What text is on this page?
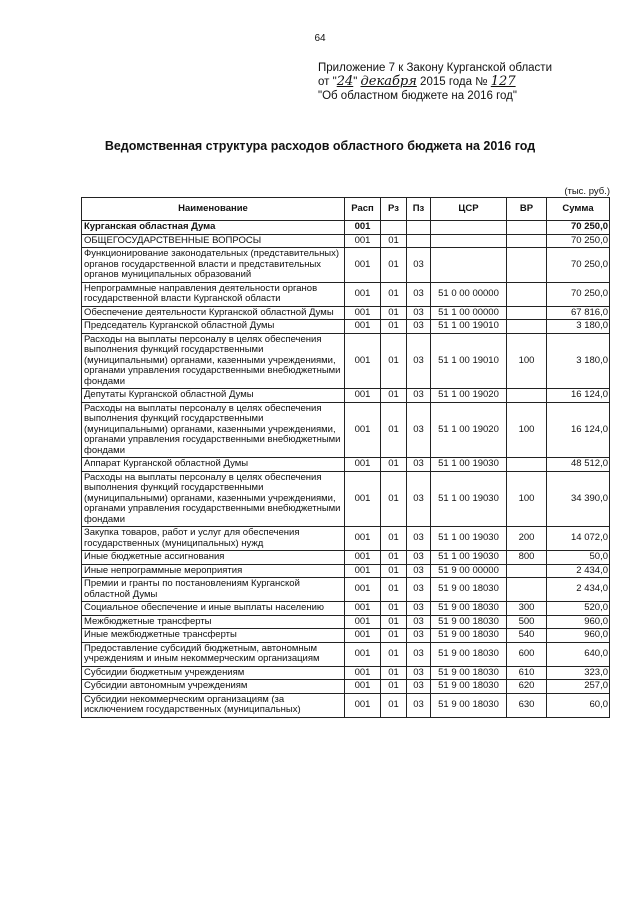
64
Приложение 7 к Закону Курганской области
от "24" декабря 2015 года № 127
"Об областном бюджете на 2016 год"
Ведомственная структура расходов областного бюджета на 2016 год
(тыс. руб.)
Наименование	Расп	Рз	Пз	ЦСР	ВР	Сумма
Курганская областная Дума	001					70 250,0
ОБЩЕГОСУДАРСТВЕННЫЕ ВОПРОСЫ	001	01				70 250,0
Функционирование законодательных (представительных) органов государственной власти и представительных органов муниципальных образований	001	01	03			70 250,0
Непрограммные направления деятельности органов государственной власти Курганской области	001	01	03	51 0 00 00000		70 250,0
Обеспечение деятельности Курганской областной Думы	001	01	03	51 1 00 00000		67 816,0
Председатель Курганской областной Думы	001	01	03	51 1 00 19010		3 180,0
Расходы на выплаты персоналу в целях обеспечения выполнения функций государственными (муниципальными) органами, казенными учреждениями, органами управления государственными внебюджетными фондами	001	01	03	51 1 00 19010	100	3 180,0
Депутаты Курганской областной Думы	001	01	03	51 1 00 19020		16 124,0
Расходы на выплаты персоналу в целях обеспечения выполнения функций государственными (муниципальными) органами, казенными учреждениями, органами управления государственными внебюджетными фондами	001	01	03	51 1 00 19020	100	16 124,0
Аппарат Курганской областной Думы	001	01	03	51 1 00 19030		48 512,0
Расходы на выплаты персоналу в целях обеспечения выполнения функций государственными (муниципальными) органами, казенными учреждениями, органами управления государственными внебюджетными фондами	001	01	03	51 1 00 19030	100	34 390,0
Закупка товаров, работ и услуг для обеспечения государственных (муниципальных) нужд	001	01	03	51 1 00 19030	200	14 072,0
Иные бюджетные ассигнования	001	01	03	51 1 00 19030	800	50,0
Иные непрограммные мероприятия	001	01	03	51 9 00 00000		2 434,0
Премии и гранты по постановлениям Курганской областной Думы	001	01	03	51 9 00 18030		2 434,0
Социальное обеспечение и иные выплаты населению	001	01	03	51 9 00 18030	300	520,0
Межбюджетные трансферты	001	01	03	51 9 00 18030	500	960,0
Иные межбюджетные трансферты	001	01	03	51 9 00 18030	540	960,0
Предоставление субсидий бюджетным, автономным учреждениям и иным некоммерческим организациям	001	01	03	51 9 00 18030	600	640,0
Субсидии бюджетным учреждениям	001	01	03	51 9 00 18030	610	323,0
Субсидии автономным учреждениям	001	01	03	51 9 00 18030	620	257,0
Субсидии некоммерческим организациям (за исключением государственных (муниципальных)	001	01	03	51 9 00 18030	630	60,0
